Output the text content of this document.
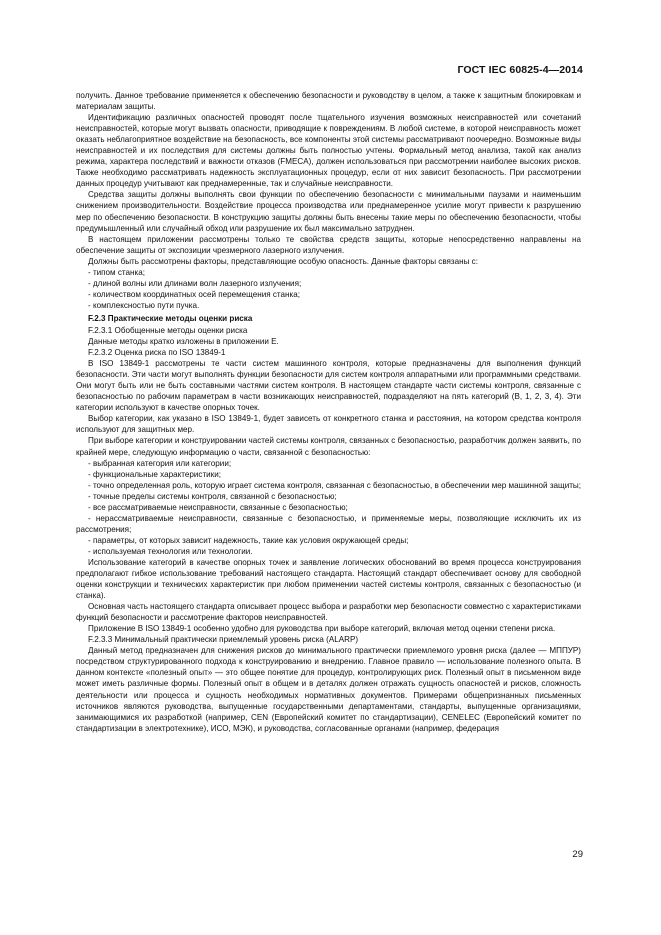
ГОСТ IEC 60825-4—2014

получить. Данное требование применяется к обеспечению безопасности и руководству в целом, а также к защитным блокировкам и материалам защиты.

Идентификацию различных опасностей проводят после тщательного изучения возможных неисправностей или сочетаний неисправностей, которые могут вызвать опасности, приводящие к повреждениям. В любой системе, в которой неисправность может оказать неблагоприятное воздействие на безопасность, все компоненты этой системы рассматривают поочередно. Возможные виды неисправностей и их последствия для системы должны быть полностью учтены. Формальный метод анализа, такой как анализ режима, характера последствий и важности отказов (FMECA), должен использоваться при рассмотрении наиболее высоких рисков. Также необходимо рассматривать надежность эксплуатационных процедур, если от них зависит безопасность. При рассмотрении данных процедур учитывают как преднамеренные, так и случайные неисправности.

Средства защиты должны выполнять свои функции по обеспечению безопасности с минимальными паузами и наименьшим снижением производительности. Воздействие процесса производства или преднамеренное усилие могут привести к разрушению мер по обеспечению безопасности. В конструкцию защиты должны быть внесены такие меры по обеспечению безопасности, чтобы предумышленный или случайный обход или разрушение их был максимально затруднен.

В настоящем приложении рассмотрены только те свойства средств защиты, которые непосредственно направлены на обеспечение защиты от экспозиции чрезмерного лазерного излучения.

Должны быть рассмотрены факторы, представляющие особую опасность. Данные факторы связаны с:

- типом станка;

- длиной волны или длинами волн лазерного излучения;

- количеством координатных осей перемещения станка;

- комплексностью пути пучка.

F.2.3 Практические методы оценки риска

F.2.3.1 Обобщенные методы оценки риска

Данные методы кратко изложены в приложении Е.

F.2.3.2 Оценка риска по ISO 13849-1

В ISO 13849-1 рассмотрены те части систем машинного контроля, которые предназначены для выполнения функций безопасности. Эти части могут выполнять функции безопасности для систем контроля аппаратными или программными средствами. Они могут быть или не быть составными частями систем контроля. В настоящем стандарте части системы контроля, связанные с безопасностью по рабочим параметрам в части возникающих неисправностей, подразделяют на пять категорий (B, 1, 2, 3, 4). Эти категории используют в качестве опорных точек.

Выбор категории, как указано в ISO 13849-1, будет зависеть от конкретного станка и расстояния, на котором средства контроля используют для защитных мер.

При выборе категории и конструировании частей системы контроля, связанных с безопасностью, разработчик должен заявить, по крайней мере, следующую информацию о части, связанной с безопасностью:

- выбранная категория или категории;

- функциональные характеристики;

- точно определенная роль, которую играет система контроля, связанная с безопасностью, в обеспечении мер машинной защиты;

- точные пределы системы контроля, связанной с безопасностью;

- все рассматриваемые неисправности, связанные с безопасностью;

- нерассматриваемые неисправности, связанные с безопасностью, и применяемые меры, позволяющие исключить их из рассмотрения;

- параметры, от которых зависит надежность, такие как условия окружающей среды;

- используемая технология или технологии.

Использование категорий в качестве опорных точек и заявление логических обоснований во время процесса конструирования предполагают гибкое использование требований настоящего стандарта. Настоящий стандарт обеспечивает основу для свободной оценки конструкции и технических характеристик при любом применении частей системы контроля, связанных с безопасностью (и станка).

Основная часть настоящего стандарта описывает процесс выбора и разработки мер безопасности совместно с характеристиками функций безопасности и рассмотрение факторов неисправностей.

Приложение В ISO 13849-1 особенно удобно для руководства при выборе категорий, включая метод оценки степени риска.

F.2.3.3 Минимальный практически приемлемый уровень риска (ALARP)

Данный метод предназначен для снижения рисков до минимального практически приемлемого уровня риска (далее — МППУР) посредством структурированного подхода к конструированию и внедрению. Главное правило — использование полезного опыта. В данном контексте «полезный опыт» — это общее понятие для процедур, контролирующих риск. Полезный опыт в письменном виде может иметь различные формы. Полезный опыт в общем и в деталях должен отражать сущность опасностей и рисков, сложность деятельности или процесса и сущность необходимых нормативных документов. Примерами общепризнанных письменных источников являются руководства, выпущенные государственными департаментами, стандарты, выпущенные организациями, занимающимися их разработкой (например, CEN (Европейский комитет по стандартизации), CENELEC (Европейский комитет по стандартизации в электротехнике), ИСО, МЭК), и руководства, согласованные органами (например, федерация

29
